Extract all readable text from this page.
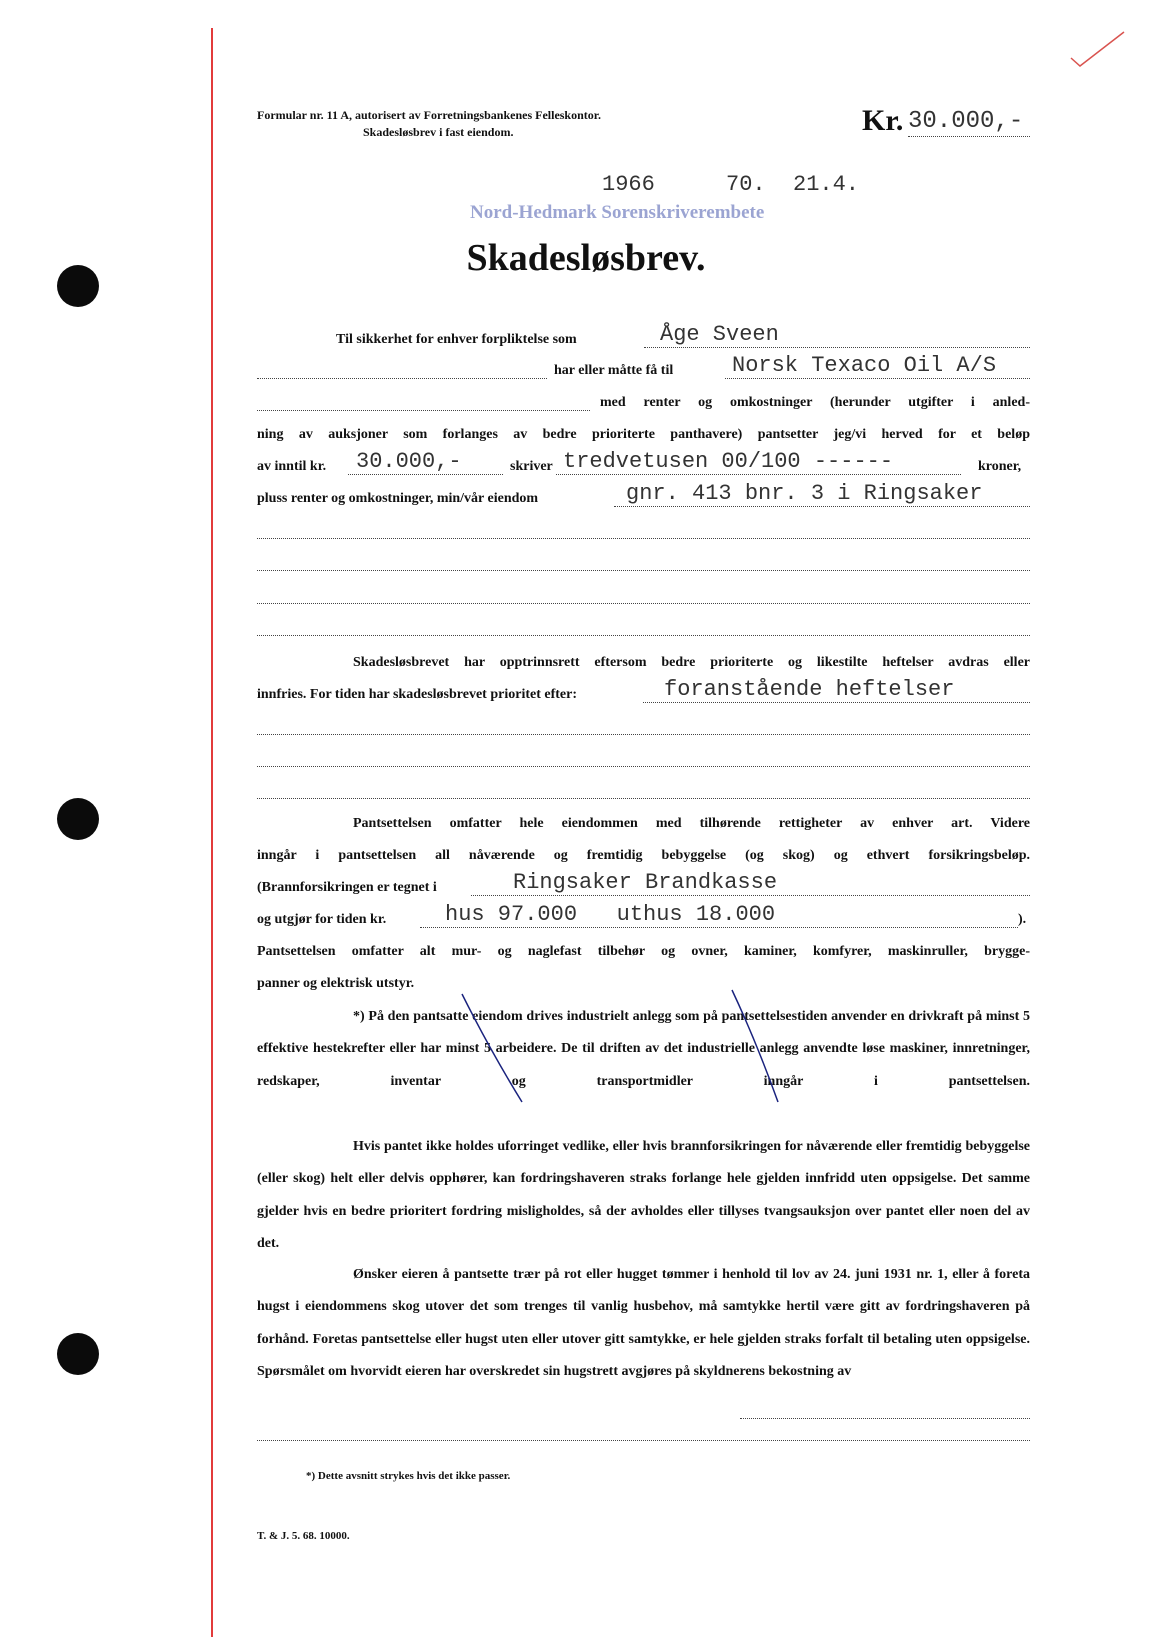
Formular nr. 11 A, autorisert av Forretningsbankenes Felleskontor.
Skadesløsbrev i fast eiendom.	Kr. 30.000,-
1966	70. 21.4.
Nord-Hedmark Sorenskriverembete
Skadesløsbrev.
Til sikkerhet for enhver forpliktelse som	Åge Sveen
har eller måtte få til	Norsk Texaco Oil A/S
med renter og omkostninger (herunder utgifter i anled-
ning av auksjoner som forlanges av bedre prioriterte panthavere) pantsetter jeg/vi herved for et beløp
av inntil kr.	30.000,-	skriver tredvetusen 00/100 ------	kroner,
pluss renter og omkostninger, min/vår eiendom	gnr. 413 bnr. 3 i Ringsaker
Skadesløsbrevet har opptrinnsrett eftersom bedre prioriterte og likestilte heftelser avdras eller
innfries. For tiden har skadesløsbrevet prioritet efter:	foranstående heftelser
Pantsettelsen omfatter hele eiendommen med tilhørende rettigheter av enhver art. Videre
inngår i pantsettelsen all nåværende og fremtidig bebyggelse (og skog) og ethvert forsikringsbeløp.
(Brannforsikringen er tegnet i	Ringsaker Brandkasse
og utgjør for tiden kr.	hus 97.000   uthus 18.000	).
Pantsettelsen omfatter alt mur- og naglefast tilbehør og ovner, kaminer, komfyrer, maskinruller, brygge-
panner og elektrisk utstyr.
*) På den pantsatte eiendom drives industrielt anlegg som på pantsettelsestiden anvender en drivkraft på minst 5 effektive hestekrefter eller har minst 5 arbeidere. De til driften av det industrielle anlegg anvendte løse maskiner, innretninger, redskaper, inventar og transportmidler inngår i pantsettelsen.
Hvis pantet ikke holdes uforringet vedlike, eller hvis brannforsikringen for nåværende eller fremtidig bebyggelse (eller skog) helt eller delvis opphører, kan fordringshaveren straks forlange hele gjelden innfridd uten oppsigelse. Det samme gjelder hvis en bedre prioritert fordring misligholdes, så der avholdes eller tillyses tvangsauksjon over pantet eller noen del av det.
Ønsker eieren å pantsette trær på rot eller hugget tømmer i henhold til lov av 24. juni 1931 nr. 1, eller å foreta hugst i eiendommens skog utover det som trenges til vanlig husbehov, må samtykke hertil være gitt av fordringshaveren på forhånd. Foretas pantsettelse eller hugst uten eller utover gitt samtykke, er hele gjelden straks forfalt til betaling uten oppsigelse. Spørsmålet om hvorvidt eieren har overskredet sin hugstrett avgjøres på skyldnerens bekostning av
*) Dette avsnitt strykes hvis det ikke passer.
T. & J. 5. 68. 10000.
